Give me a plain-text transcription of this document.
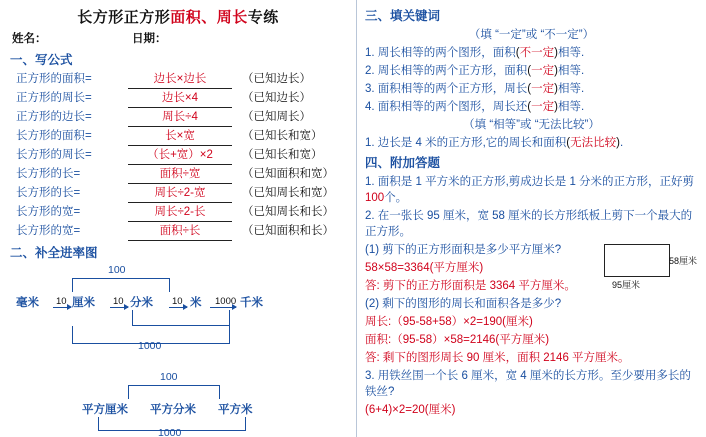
长方形正方形面积、周长专练
姓名：	日期：
一、写公式
正方形的面积=	边长×边长	（已知边长）
正方形的周长=	边长×4	（已知边长）
正方形的边长=	周长÷4	（已知周长）
长方形的面积=	长×宽	（已知长和宽）
长方形的周长=	（长+宽）×2	（已知长和宽）
长方形的长=	面积÷宽	（已知面积和宽）
长方形的长=	周长÷2-宽	（已知周长和宽）
长方形的宽=	周长÷2-长	（已知周长和长）
长方形的宽=	面积÷长	（已知面积和长）
二、补全进率图
100
毫米 10 厘米 10 分米 10 米 1000 千米
1000
100
平方厘米 平方分米 平方米
1000
三、填关键词
（填 “一定”或 “不一定”）
1. 周长相等的两个图形，面积(不一定)相等.
2. 周长相等的两个正方形，面积(一定)相等.
3. 面积相等的两个正方形，周长(一定)相等.
4. 面积相等的两个图形，周长还(一定)相等.
（填 “相等”或 “无法比较”）
1. 边长是 4 米的正方形,它的周长和面积(无法比较).
四、附加答题
1. 面积是 1 平方米的正方形,剪成边长是 1 分米的正方形，正好剪100个。
2. 在一张长 95 厘米，宽 58 厘米的长方形纸板上剪下一个最大的正方形。
58厘米
95厘米
(1) 剪下的正方形面积是多少平方厘米?
58×58=3364(平方厘米)
答: 剪下的正方形面积是 3364 平方厘米。
(2) 剩下的图形的周长和面积各是多少?
周长:（95-58+58）×2=190(厘米)
面积:（95-58）×58=2146(平方厘米)
答: 剩下的图形周长 90 厘米，面积 2146 平方厘米。
3. 用铁丝围一个长 6 厘米，宽 4 厘米的长方形。至少要用多长的铁丝?
(6+4)×2=20(厘米)
